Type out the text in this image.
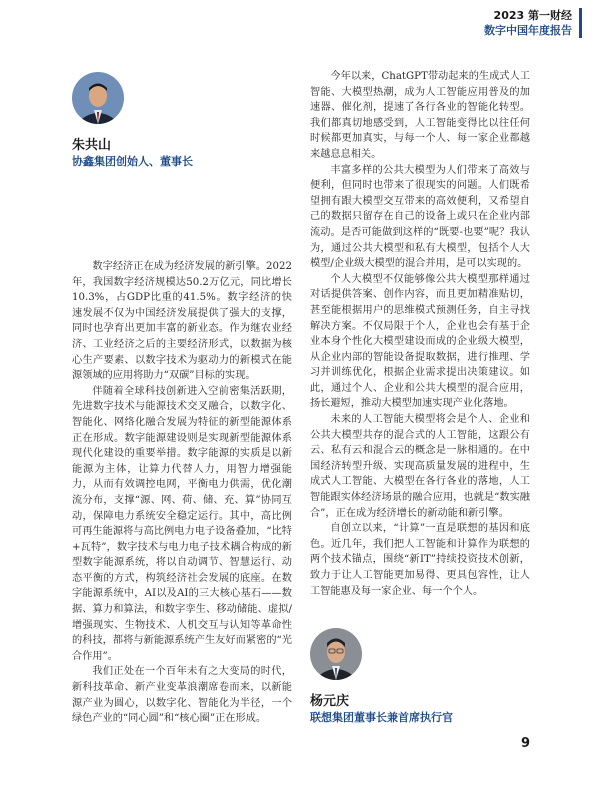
2023 第一财经
数字中国年度报告
朱共山
协鑫集团创始人、董事长

数字经济正在成为经济发展的新引擎。2022年，我国数字经济规模达50.2万亿元，同比增长10.3%，占GDP比重的41.5%。数字经济的快速发展不仅为中国经济发展提供了强大的支撑，同时也孕育出更加丰富的新业态。作为继农业经济、工业经济之后的主要经济形式，以数据为核心生产要素、以数字技术为驱动力的新模式在能源领域的应用将助力“双碳”目标的实现。

伴随着全球科技创新进入空前密集活跃期，先进数字技术与能源技术交叉融合，以数字化、智能化、网络化融合发展为特征的新型能源体系正在形成。数字能源建设则是实现新型能源体系现代化建设的重要举措。数字能源的实质是以新能源为主体，让算力代替人力，用智力增强能力，从而有效调控电网，平衡电力供需，优化潮流分布，支撑“源、网、荷、储、充、算”协同互动，保障电力系统安全稳定运行。其中，高比例可再生能源将与高比例电力电子设备叠加，“比特+瓦特”，数字技术与电力电子技术耦合构成的新型数字能源系统，将以自动调节、智慧运行、动态平衡的方式，构筑经济社会发展的底座。在数字能源系统中，AI以及AI的三大核心基石——数据、算力和算法，和数字孪生、移动储能、虚拟/增强现实、生物技术、人机交互与认知等革命性的科技，都将与新能源系统产生友好而紧密的“光合作用”。

我们正处在一个百年未有之大变局的时代，新科技革命、新产业变革浪潮席卷而来，以新能源产业为圆心，以数字化、智能化为半径，一个绿色产业的“同心圆”和“核心圈”正在形成。

今年以来，ChatGPT带动起来的生成式人工智能、大模型热潮，成为人工智能应用普及的加速器、催化剂，提速了各行各业的智能化转型。我们都真切地感受到，人工智能变得比以往任何时候都更加真实，与每一个人、每一家企业都越来越息息相关。

丰富多样的公共大模型为人们带来了高效与便利，但同时也带来了很现实的问题。人们既希望拥有跟大模型交互带来的高效便利，又希望自己的数据只留存在自己的设备上或只在企业内部流动。是否可能做到这样的“既要-也要”呢？我认为，通过公共大模型和私有大模型，包括个人大模型/企业级大模型的混合并用，是可以实现的。

个人大模型不仅能够像公共大模型那样通过对话提供答案、创作内容，而且更加精准贴切，甚至能根据用户的思维模式预测任务，自主寻找解决方案。不仅局限于个人，企业也会有基于企业本身个性化大模型建设而成的企业级大模型，从企业内部的智能设备提取数据，进行推理、学习并训练优化，根据企业需求提出决策建议。如此，通过个人、企业和公共大模型的混合应用，扬长避短，推动大模型加速实现产业化落地。

未来的人工智能大模型将会是个人、企业和公共大模型共存的混合式的人工智能，这跟公有云、私有云和混合云的概念是一脉相通的。在中国经济转型升级、实现高质量发展的进程中，生成式人工智能、大模型在各行各业的落地，人工智能跟实体经济场景的融合应用，也就是“数实融合”，正在成为经济增长的新动能和新引擎。

自创立以来，“计算”一直是联想的基因和底色。近几年，我们把人工智能和计算作为联想的两个技术锚点，围绕“新IT”持续投资技术创新，致力于让人工智能更加易得、更具包容性，让人工智能惠及每一家企业、每一个个人。

杨元庆
联想集团董事长兼首席执行官
9
